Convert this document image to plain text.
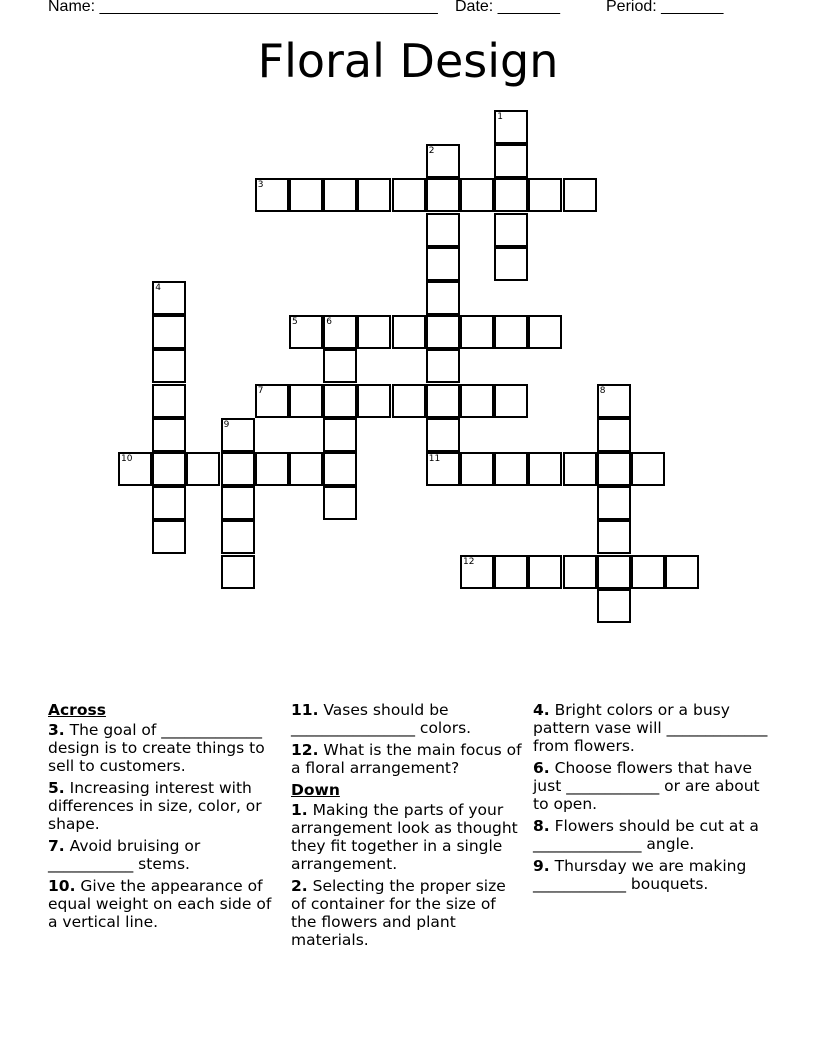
Name: ______________________________________

Date: _______

	Period: _______

Floral Design
1
2
3
4
5	6
7	8
9
10	11
12

Across

3. The goal of _____________ design is to create things to sell to customers.

5. Increasing interest with differences in size, color, or shape.

7. Avoid bruising or ___________ stems.

10. Give the appearance of equal weight on each side of a vertical line.

11. Vases should be ________________ colors.

12. What is the main focus of a floral arrangement?

Down

1. Making the parts of your arrangement look as thought they fit together in a single arrangement.

2. Selecting the proper size of container for the size of the flowers and plant materials.

4. Bright colors or a busy pattern vase will _____________ from flowers.

6. Choose flowers that have just ____________ or are about to open.

8. Flowers should be cut at a ______________ angle.

9. Thursday we are making ____________ bouquets.
